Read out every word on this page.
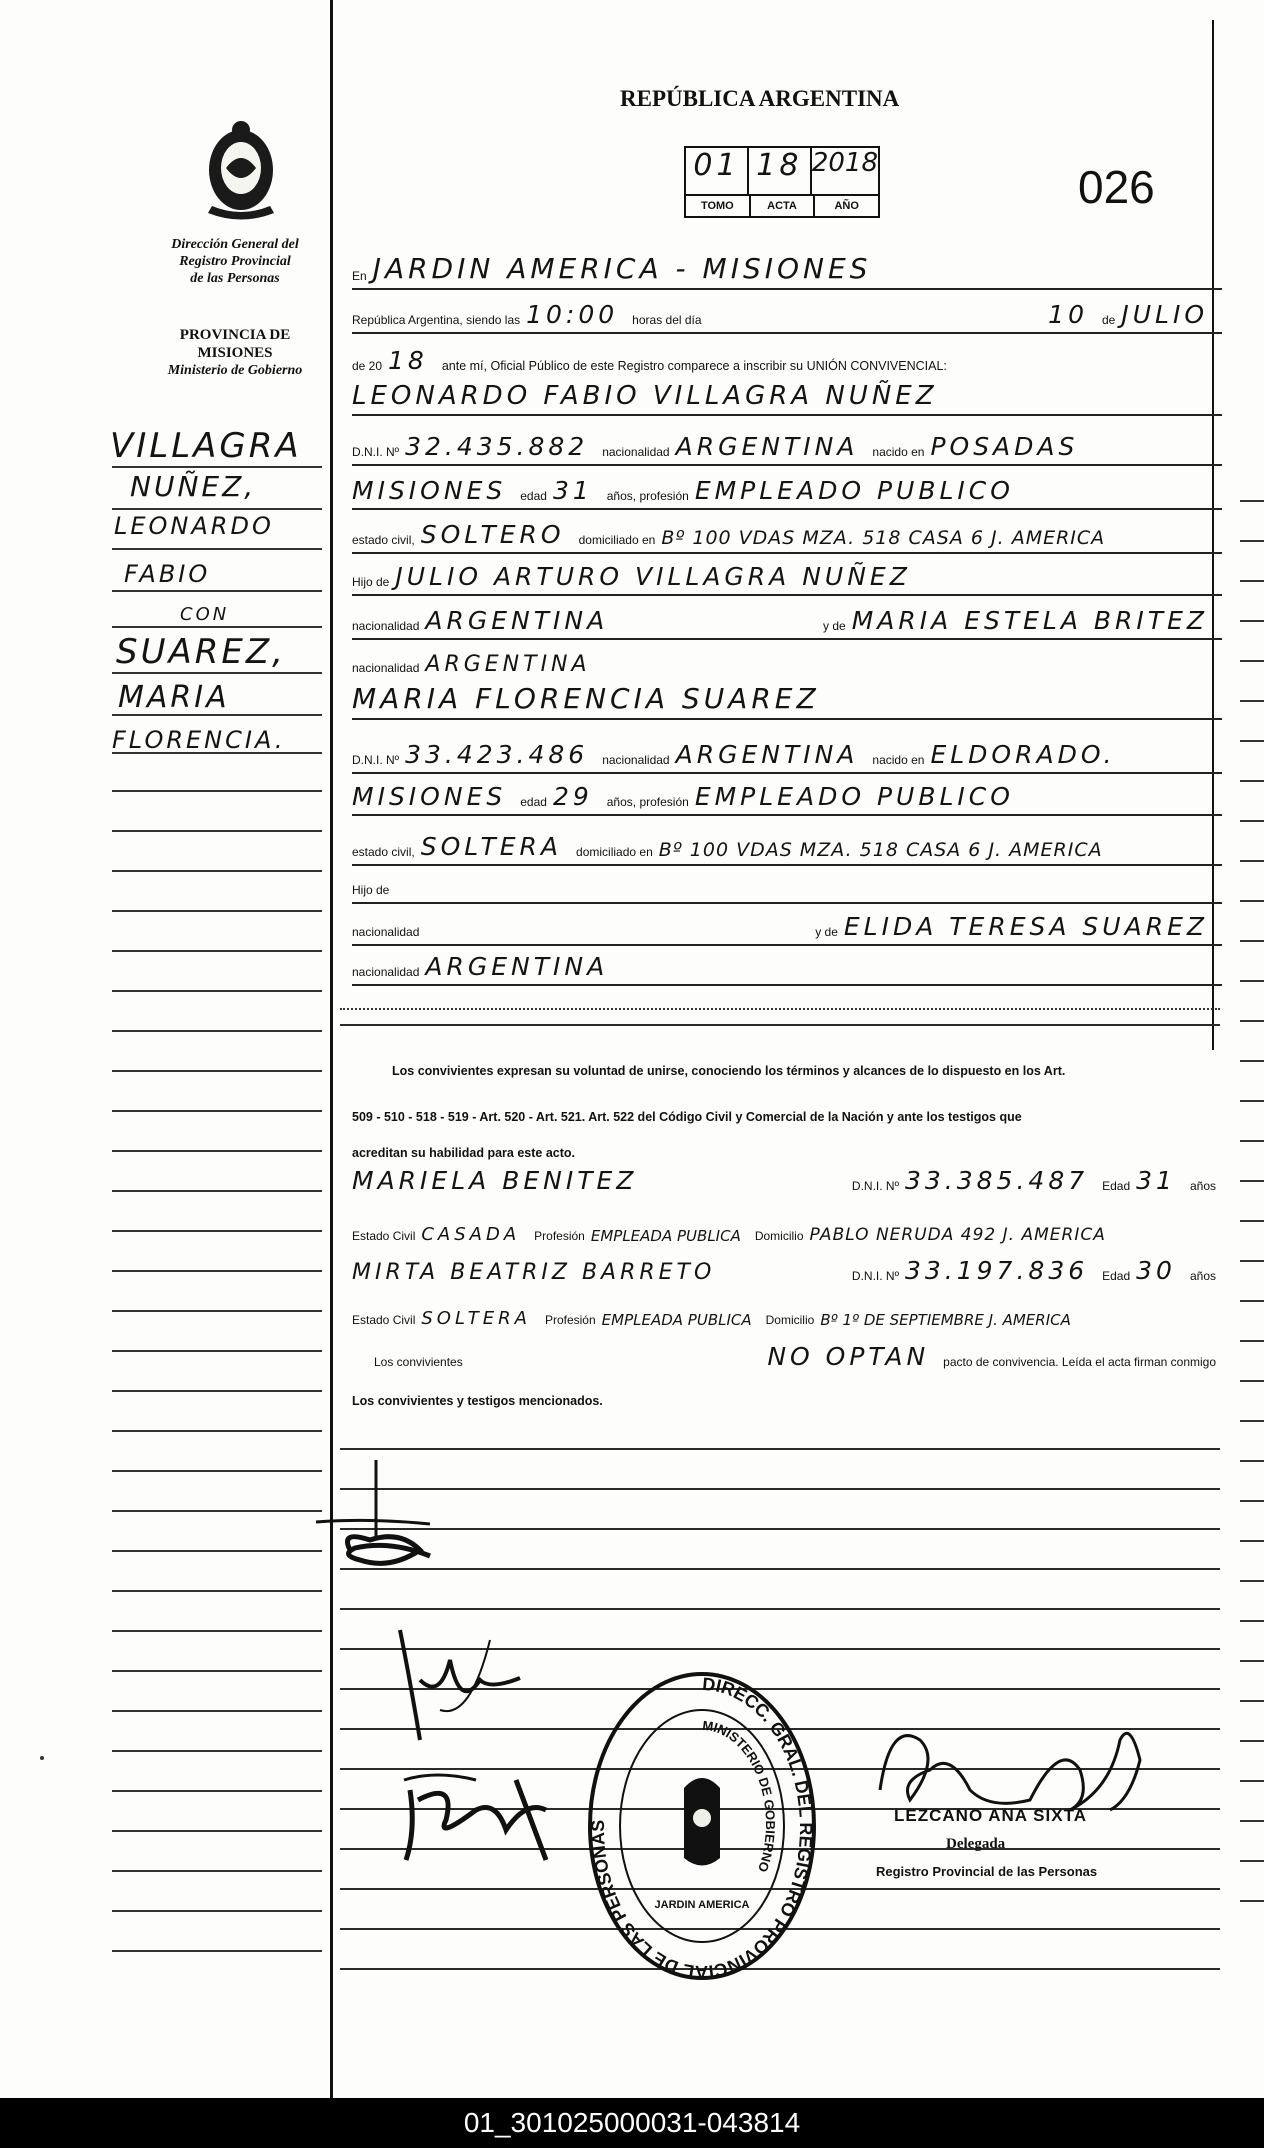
Dirección General del
Registro Provincial
de las Personas
PROVINCIA DE
MISIONES
Ministerio de Gobierno
VILLAGRA
NUÑEZ,
LEONARDO
FABIO
CON
SUAREZ,
MARIA
FLORENCIA.
REPÚBLICA ARGENTINA
01 18 2018
TOMO	ACTA	AÑO	026
En JARDIN AMERICA - MISIONES
República Argentina, siendo las 10:00 horas del día	10 de JULIO
de 20 18 ante mí, Oficial Público de este Registro comparece a inscribir su UNIÓN CONVIVENCIAL:
LEONARDO FABIO VILLAGRA NUÑEZ
D.N.I. Nº 32.435.882 nacionalidad ARGENTINA nacido en POSADAS
MISIONES edad 31 años, profesión EMPLEADO PUBLICO
estado civil, SOLTERO domiciliado en Bº 100 VDAS MZA. 518 CASA 6 J. AMERICA
Hijo de JULIO ARTURO VILLAGRA NUÑEZ
nacionalidad ARGENTINA	y de MARIA ESTELA BRITEZ
nacionalidad ARGENTINA
MARIA FLORENCIA SUAREZ
D.N.I. Nº 33.423.486 nacionalidad ARGENTINA nacido en ELDORADO.
MISIONES edad 29 años, profesión EMPLEADO PUBLICO
estado civil, SOLTERA domiciliado en Bº 100 VDAS MZA. 518 CASA 6 J. AMERICA
Hijo de
nacionalidad	y de ELIDA TERESA SUAREZ
nacionalidad ARGENTINA
Los convivientes expresan su voluntad de unirse, conociendo los términos y alcances de lo dispuesto en los Art.
509 - 510 - 518 - 519 - Art. 520 - Art. 521. Art. 522 del Código Civil y Comercial de la Nación y ante los testigos que
acreditan su habilidad para este acto.
MARIELA BENITEZ	D.N.I. Nº 33.385.487 Edad 31 años
Estado Civil CASADA Profesión EMPLEADA PUBLICA Domicilio PABLO NERUDA 492 J. AMERICA
MIRTA BEATRIZ BARRETO	D.N.I. Nº 33.197.836 Edad 30 años
Estado Civil SOLTERA Profesión EMPLEADA PUBLICA Domicilio Bº 1º DE SEPTIEMBRE J. AMERICA
Los convivientes	NO OPTAN pacto de convivencia. Leída el acta firman conmigo
Los convivientes y testigos mencionados.
DIRECC. GRAL. DEL REGISTRO PROVINCIAL DE LAS PERSONAS
MINISTERIO DE GOBIERNO
JARDIN AMERICA
LEZCANO ANA SIXTA
Delegada
Registro Provincial de las Personas
01_301025000031-043814
